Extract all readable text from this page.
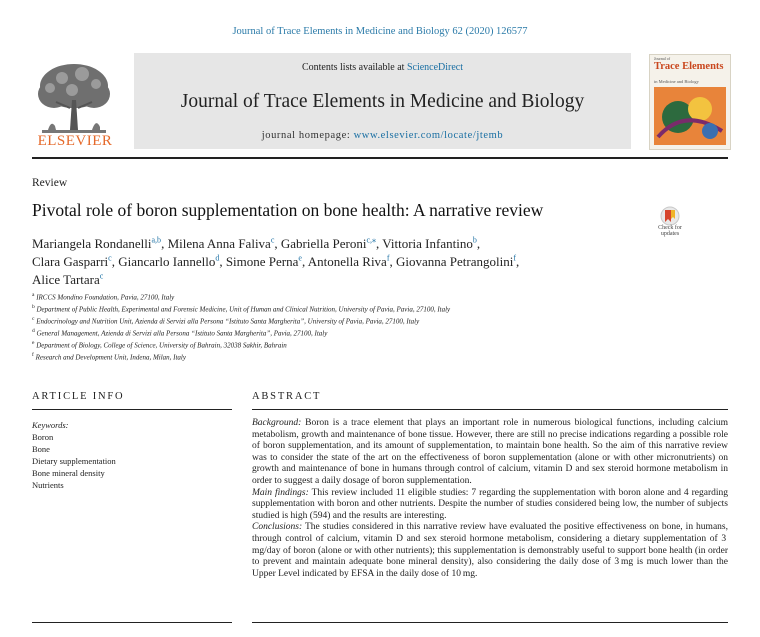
Journal of Trace Elements in Medicine and Biology 62 (2020) 126577
ELSEVIER
Contents lists available at ScienceDirect
Journal of Trace Elements in Medicine and Biology
journal homepage: www.elsevier.com/locate/jtemb
Journal of
Trace Elements
in Medicine and Biology
Review
Pivotal role of boron supplementation on bone health: A narrative review
Check for
updates
Mariangela Rondanelli$^{a,b}$, Milena Anna Faliva$^c$, Gabriella Peroni$^{c,⁎}$, Vittoria Infantino$^b$,
Clara Gasparri$^c$, Giancarlo Iannello$^d$, Simone Perna$^e$, Antonella Riva$^f$, Giovanna Petrangolini$^f$,
Alice Tartara$^c$
$^a$ IRCCS Mondino Foundation, Pavia, 27100, Italy
$^b$ Department of Public Health, Experimental and Forensic Medicine, Unit of Human and Clinical Nutrition, University of Pavia, Pavia, 27100, Italy
$^c$ Endocrinology and Nutrition Unit, Azienda di Servizi alla Persona “Istituto Santa Margherita”, University of Pavia, Pavia, 27100, Italy
$^d$ General Management, Azienda di Servizi alla Persona “Istituto Santa Margherita”, Pavia, 27100, Italy
$^e$ Department of Biology, College of Science, University of Bahrain, 32038 Sakhir, Bahrain
$^f$ Research and Development Unit, Indena, Milan, Italy
ARTICLE INFO	ABSTRACT
Keywords:
Boron
Bone
Dietary supplementation
Bone mineral density
Nutrients

Background: Boron is a trace element that plays an important role in numerous biological functions, including calcium metabolism, growth and maintenance of bone tissue. However, there are still no precise indications regarding a possible role of boron supplementation, and its amount of supplementation, to maintain bone health. So the aim of this narrative review was to consider the state of the art on the effectiveness of boron supplementation (alone or with other micronutrients) on growth and maintenance of bone in humans through control of calcium, vitamin D and sex steroid hormone metabolism in order to suggest a daily dosage of boron supplementation.

Main findings: This review included 11 eligible studies: 7 regarding the supplementation with boron alone and 4 regarding supplementation with boron and other nutrients. Despite the number of studies considered being low, the number of subjects studied is high (594) and the results are interesting.

Conclusions: The studies considered in this narrative review have evaluated the positive effectiveness on bone, in humans, through control of calcium, vitamin D and sex steroid hormone metabolism, considering a dietary supplementation of 3 mg/day of boron (alone or with other nutrients); this supplementation is demonstrably useful to support bone health (in order to prevent and maintain adequate bone mineral density), also considering the daily dose of 3 mg is much lower than the Upper Level indicated by EFSA in the daily dose of 10 mg.
